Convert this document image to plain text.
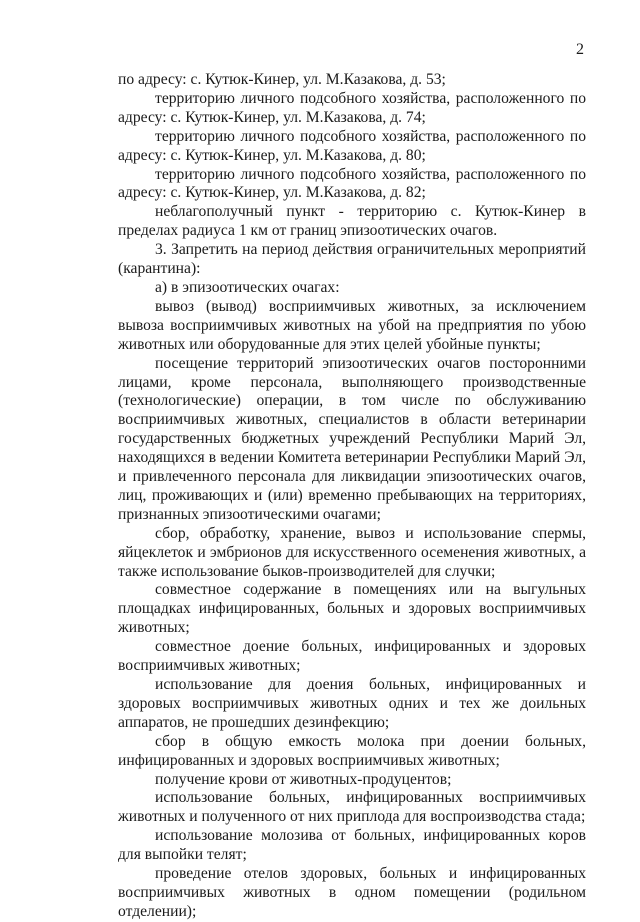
2

по адресу: с. Кутюк-Кинер, ул. М.Казакова, д. 53;

территорию личного подсобного хозяйства, расположенного по адресу: с. Кутюк-Кинер, ул. М.Казакова, д. 74;

территорию личного подсобного хозяйства, расположенного по адресу: с. Кутюк-Кинер, ул. М.Казакова, д. 80;

территорию личного подсобного хозяйства, расположенного по адресу: с. Кутюк-Кинер, ул. М.Казакова, д. 82;

неблагополучный пункт - территорию с. Кутюк-Кинер в пределах радиуса 1 км от границ эпизоотических очагов.

3. Запретить на период действия ограничительных мероприятий (карантина):

а) в эпизоотических очагах:

вывоз (вывод) восприимчивых животных, за исключением вывоза восприимчивых животных на убой на предприятия по убою животных или оборудованные для этих целей убойные пункты;

посещение территорий эпизоотических очагов посторонними лицами, кроме персонала, выполняющего производственные (технологические) операции, в том числе по обслуживанию восприимчивых животных, специалистов в области ветеринарии государственных бюджетных учреждений Республики Марий Эл, находящихся в ведении Комитета ветеринарии Республики Марий Эл, и привлеченного персонала для ликвидации эпизоотических очагов, лиц, проживающих и (или) временно пребывающих на территориях, признанных эпизоотическими очагами;

сбор, обработку, хранение, вывоз и использование спермы, яйцеклеток и эмбрионов для искусственного осеменения животных, а также использование быков-производителей для случки;

совместное содержание в помещениях или на выгульных площадках инфицированных, больных и здоровых восприимчивых животных;

совместное доение больных, инфицированных и здоровых восприимчивых животных;

использование для доения больных, инфицированных и здоровых восприимчивых животных одних и тех же доильных аппаратов, не прошедших дезинфекцию;

сбор в общую емкость молока при доении больных, инфицированных и здоровых восприимчивых животных;

получение крови от животных-продуцентов;

использование больных, инфицированных восприимчивых животных и полученного от них приплода для воспроизводства стада;

использование молозива от больных, инфицированных коров для выпойки телят;

проведение отелов здоровых, больных и инфицированных восприимчивых животных в одном помещении (родильном отделении);
